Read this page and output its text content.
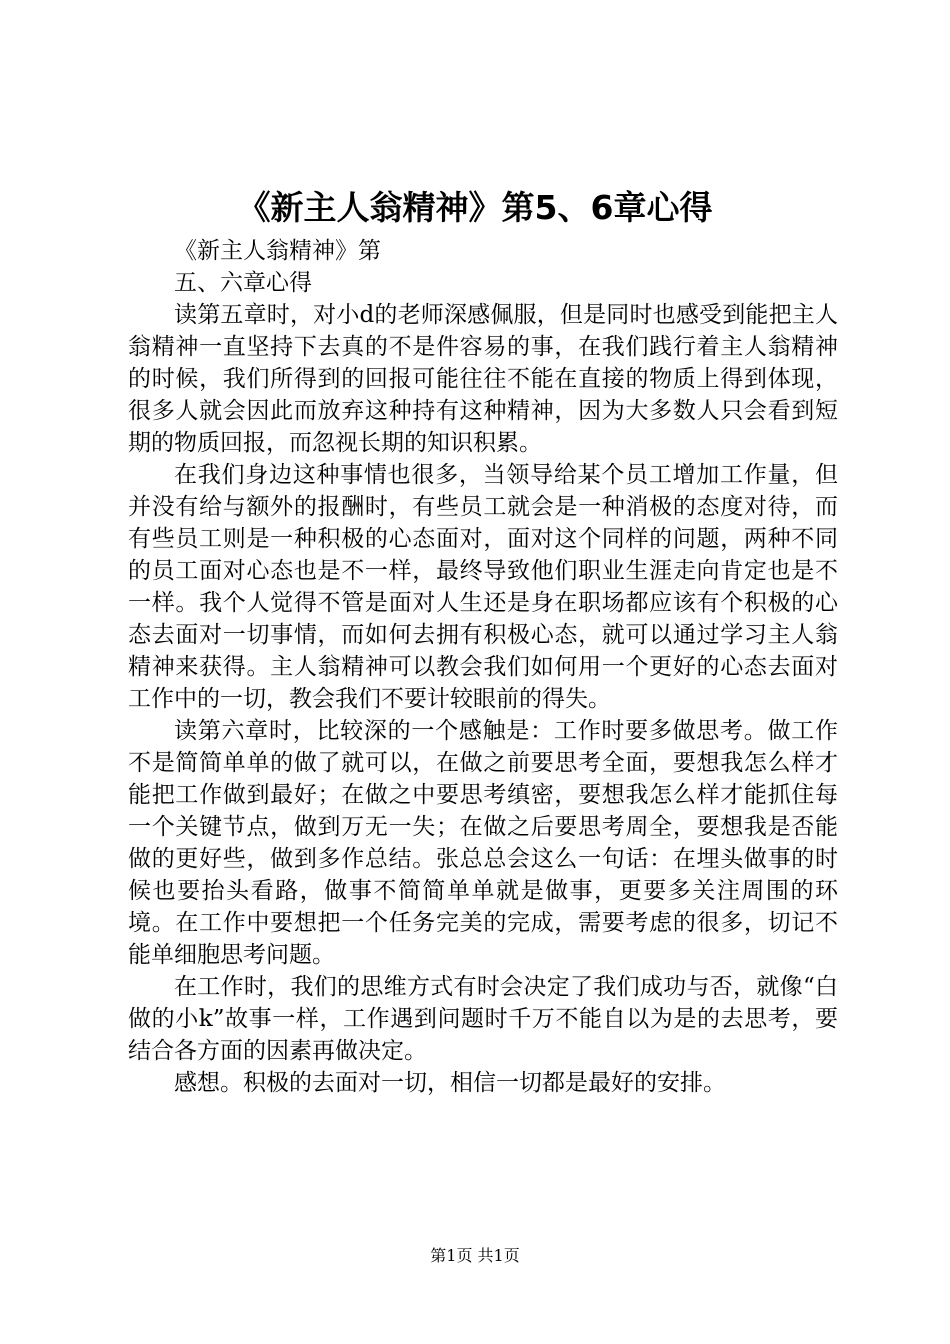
《新主人翁精神》第5、6章心得

《新主人翁精神》第

五、六章心得

读第五章时，对小d的老师深感佩服，但是同时也感受到能把主人翁精神一直坚持下去真的不是件容易的事，在我们践行着主人翁精神的时候，我们所得到的回报可能往往不能在直接的物质上得到体现，很多人就会因此而放弃这种持有这种精神，因为大多数人只会看到短期的物质回报，而忽视长期的知识积累。

在我们身边这种事情也很多，当领导给某个员工增加工作量，但并没有给与额外的报酬时，有些员工就会是一种消极的态度对待，而有些员工则是一种积极的心态面对，面对这个同样的问题，两种不同的员工面对心态也是不一样，最终导致他们职业生涯走向肯定也是不一样。我个人觉得不管是面对人生还是身在职场都应该有个积极的心态去面对一切事情，而如何去拥有积极心态，就可以通过学习主人翁精神来获得。主人翁精神可以教会我们如何用一个更好的心态去面对工作中的一切，教会我们不要计较眼前的得失。

读第六章时，比较深的一个感触是：工作时要多做思考。做工作不是简简单单的做了就可以，在做之前要思考全面，要想我怎么样才能把工作做到最好；在做之中要思考缜密，要想我怎么样才能抓住每一个关键节点，做到万无一失；在做之后要思考周全，要想我是否能做的更好些，做到多作总结。张总总会这么一句话：在埋头做事的时候也要抬头看路，做事不简简单单就是做事，更要多关注周围的环境。在工作中要想把一个任务完美的完成，需要考虑的很多，切记不能单细胞思考问题。

在工作时，我们的思维方式有时会决定了我们成功与否，就像“白做的小k”故事一样，工作遇到问题时千万不能自以为是的去思考，要结合各方面的因素再做决定。

感想。积极的去面对一切，相信一切都是最好的安排。

第1页 共1页
